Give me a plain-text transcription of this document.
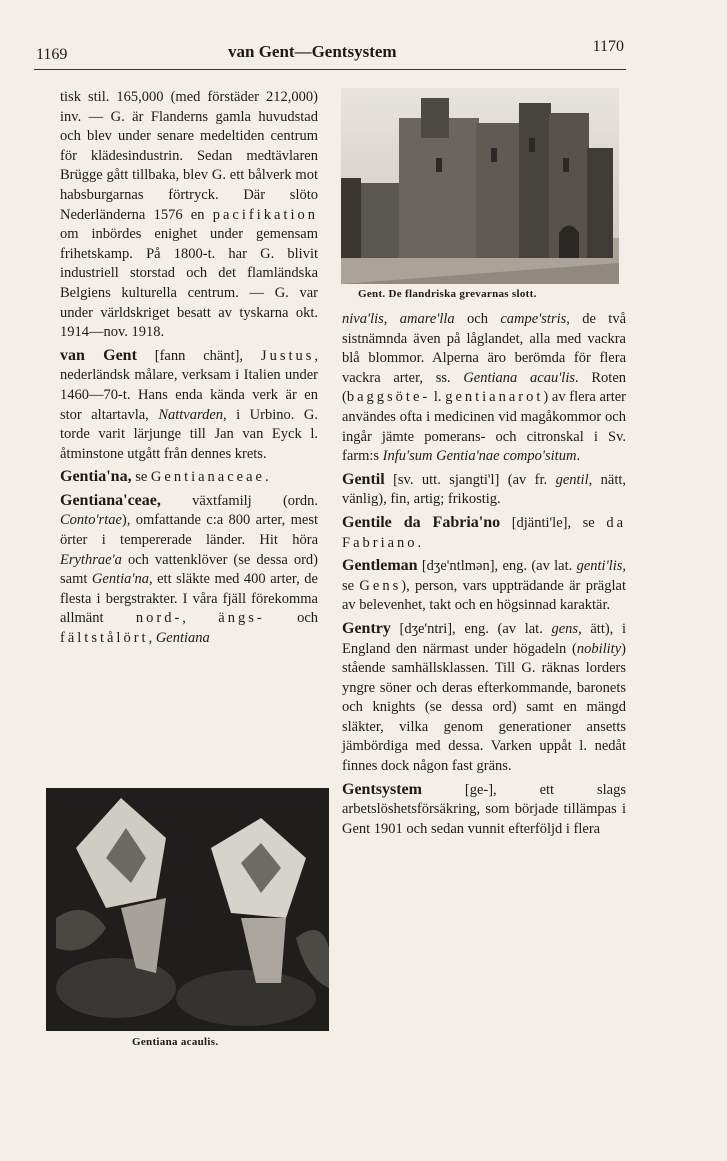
1169	van Gent—Gentsystem	1170
Gent. De flandriska grevarnas slott.

tisk stil. 165,000 (med förstäder 212,000) inv. — G. är Flanderns gamla huvudstad och blev under senare medeltiden centrum för klädesindustrin. Sedan medtävlaren Brügge gått tillbaka, blev G. ett bålverk mot habsburgarnas förtryck. Där slöto Nederländerna 1576 en pacifikation om inbördes enighet under gemensam frihetskamp. På 1800-t. har G. blivit industriell storstad och det flamländska Belgiens kulturella centrum. — G. var under världskriget besatt av tyskarna okt. 1914—nov. 1918.

van Gent [fann chänt], Justus, nederländsk målare, verksam i Italien under 1460—70-t. Hans enda kända verk är en stor altartavla, Nattvarden, i Urbino. G. torde varit lärjunge till Jan van Eyck l. åtminstone utgått från dennes krets.

Gentia'na, se Gentianaceae.

Gentiana'ceae, växtfamilj (ordn. Conto'rtae), omfattande c:a 800 arter, mest örter i tempererade länder. Hit höra Erythrae'a och vattenklöver (se dessa ord) samt Gentia'na, ett släkte med 400 arter, de flesta i bergstrakter. I våra fjäll förekomma allmänt nord-, ängs- och fältstålört, Gentiana

Gentiana acaulis.

niva'lis, amare'lla och campe'stris, de två sistnämnda även på låglandet, alla med vackra blå blommor. Alperna äro berömda för flera vackra arter, ss. Gentiana acau'lis. Roten (baggsöte- l. gentianarot) av flera arter användes ofta i medicinen vid magåkommor och ingår jämte pomerans- och citronskal i Sv. farm:s Infu'sum Gentia'nae compo'situm.

Gentil [sv. utt. sjangti'l] (av fr. gentil, nätt, vänlig), fin, artig; frikostig.

Gentile da Fabria'no [djänti'le], se da Fabriano.

Gentleman [dʒe'ntlmən], eng. (av lat. genti'lis, se Gens), person, vars uppträdande är präglat av belevenhet, takt och en högsinnad karaktär.

Gentry [dʒe'ntri], eng. (av lat. gens, ätt), i England den närmast under högadeln (nobility) stående samhällsklassen. Till G. räknas lorders yngre söner och deras efterkommande, baronets och knights (se dessa ord) samt en mängd släkter, vilka genom generationer ansetts jämbördiga med dessa. Varken uppåt l. nedåt finnes dock någon fast gräns.

Gentsystem [ge-], ett slags arbetslöshetsförsäkring, som började tillämpas i Gent 1901 och sedan vunnit efterföljd i flera
